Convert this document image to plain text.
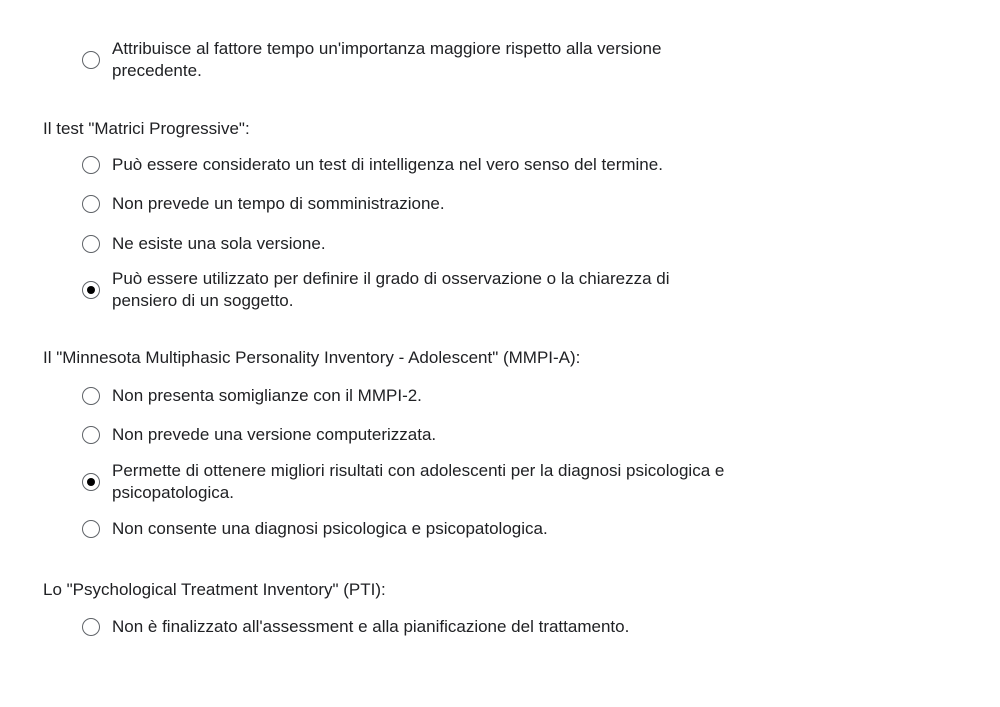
Attribuisce al fattore tempo un'importanza maggiore rispetto alla versione precedente.
Il test "Matrici Progressive":
Può essere considerato un test di intelligenza nel vero senso del termine.
Non prevede un tempo di somministrazione.
Ne esiste una sola versione.
Può essere utilizzato per definire il grado di osservazione o la chiarezza di pensiero di un soggetto.
Il "Minnesota Multiphasic Personality Inventory - Adolescent" (MMPI-A):
Non presenta somiglianze con il MMPI-2.
Non prevede una versione computerizzata.
Permette di ottenere migliori risultati con adolescenti per la diagnosi psicologica e psicopatologica.
Non consente una diagnosi psicologica e psicopatologica.
Lo "Psychological Treatment Inventory" (PTI):
Non è finalizzato all'assessment e alla pianificazione del trattamento.
